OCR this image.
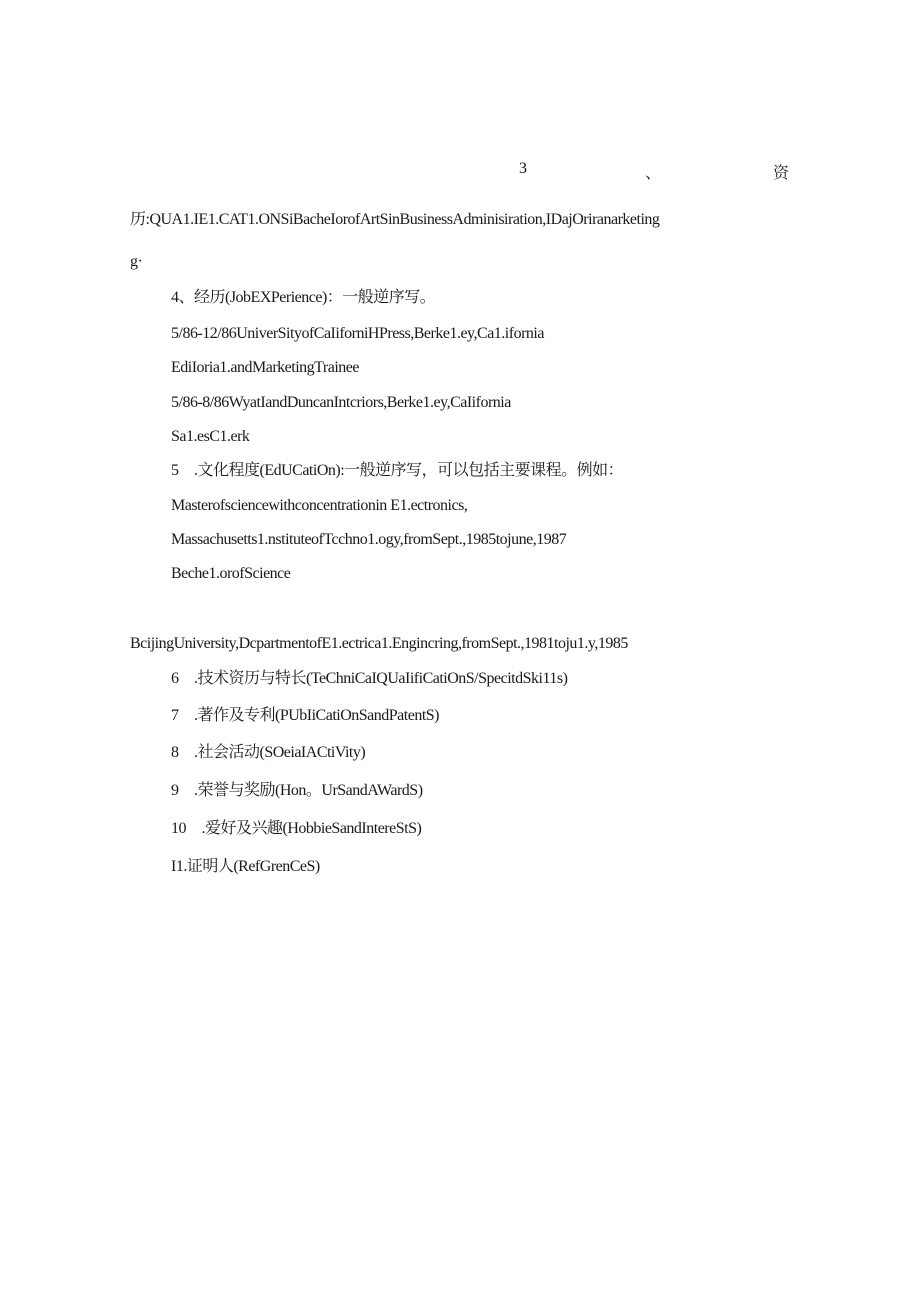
3	、	资
历:QUA1.IE1.CAT1.ONSiBacheIorofArtSinBusinessAdminisiration,IDajOriranarketing
g·
4、经历(JobEXPerience)：一般逆序写。
5/86-12/86UniverSityofCaIiforniHPress,Berke1.ey,Ca1.ifornia
EdiIoria1.andMarketingTrainee
5/86-8/86WyatIandDuncanIntcriors,Berke1.ey,CaIifornia
Sa1.esC1.erk
5 .文化程度(EdUCatiOn):一般逆序写，可以包括主要课程。例如：
Masterofsciencewithconcentrationin E1.ectronics,
Massachusetts1.nstituteofTcchno1.ogy,fromSept.,1985tojune,1987
Beche1.orofScience
BcijingUniversity,DcpartmentofE1.ectrica1.Engincring,fromSept.,1981toju1.y,1985
6 .技术资历与特长(TeChniCaIQUaIifiCatiOnS/SpecitdSki11s)
7 .著作及专利(PUbIiCatiOnSandPatentS)
8 .社会活动(SOeiaIACtiVity)
9 .荣誉与奖励(Hon。UrSandAWardS)
10 .爱好及兴趣(HobbieSandIntereStS)
I1.证明人(RefGrenCeS)
